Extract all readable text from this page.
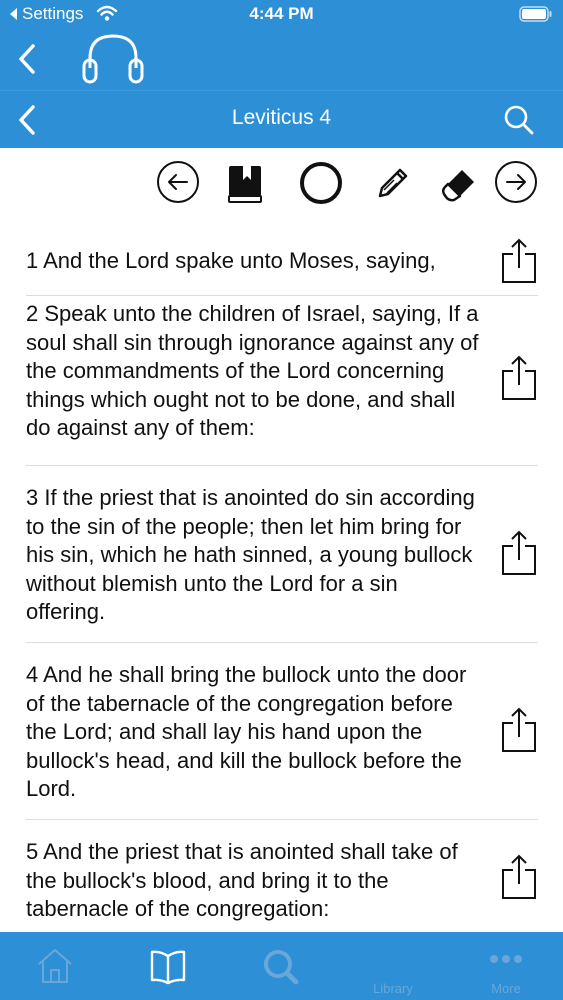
Settings	4:44 PM
Leviticus 4
1 And the Lord spake unto Moses, saying,
2 Speak unto the children of Israel, saying, If a soul shall sin through ignorance against any of the commandments of the Lord concerning things which ought not to be done, and shall do against any of them:
3 If the priest that is anointed do sin according to the sin of the people; then let him bring for his sin, which he hath sinned, a young bullock without blemish unto the Lord for a sin offering.
4 And he shall bring the bullock unto the door of the tabernacle of the congregation before the Lord; and shall lay his hand upon the bullock's head, and kill the bullock before the Lord.
5 And the priest that is anointed shall take of the bullock's blood, and bring it to the tabernacle of the congregation:
Library	More
